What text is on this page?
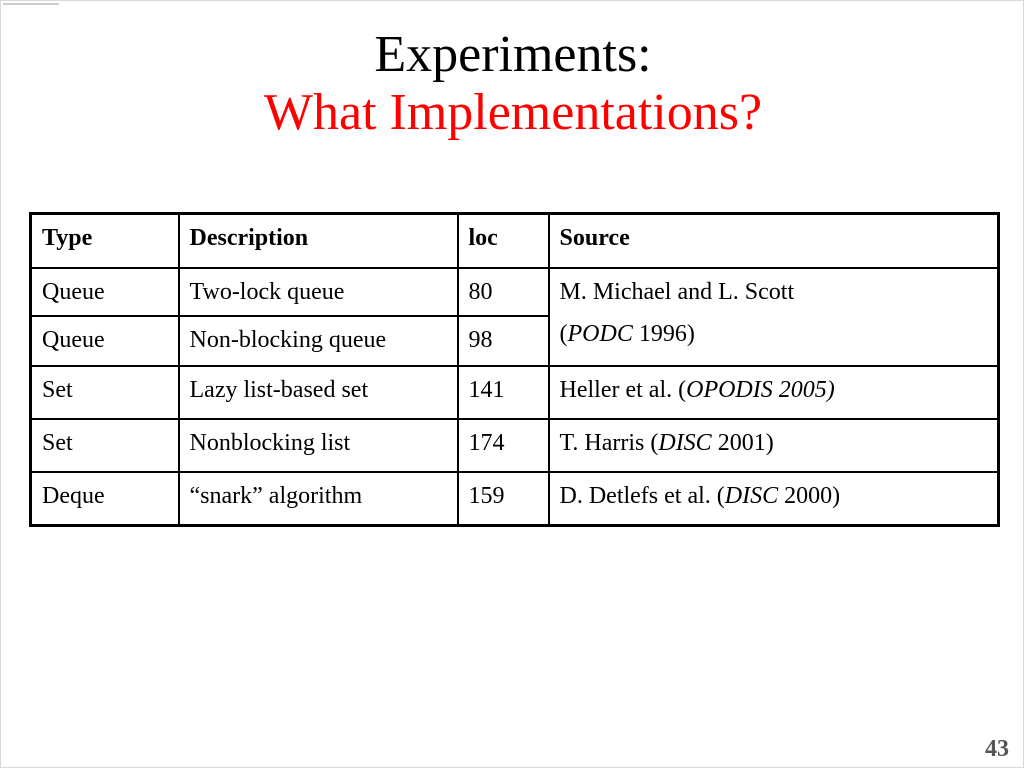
Experiments:
What Implementations?
Type	Description	loc	Source
Queue	Two-lock queue	80	M. Michael and L. Scott
(PODC 1996)

Queue	Non-blocking queue	98	
Set	Lazy list-based set	141	Heller et al. (OPODIS 2005)
Set	Nonblocking list	174	T. Harris (DISC 2001)
Deque	“snark” algorithm	159	D. Detlefs et al. (DISC 2000)
43
